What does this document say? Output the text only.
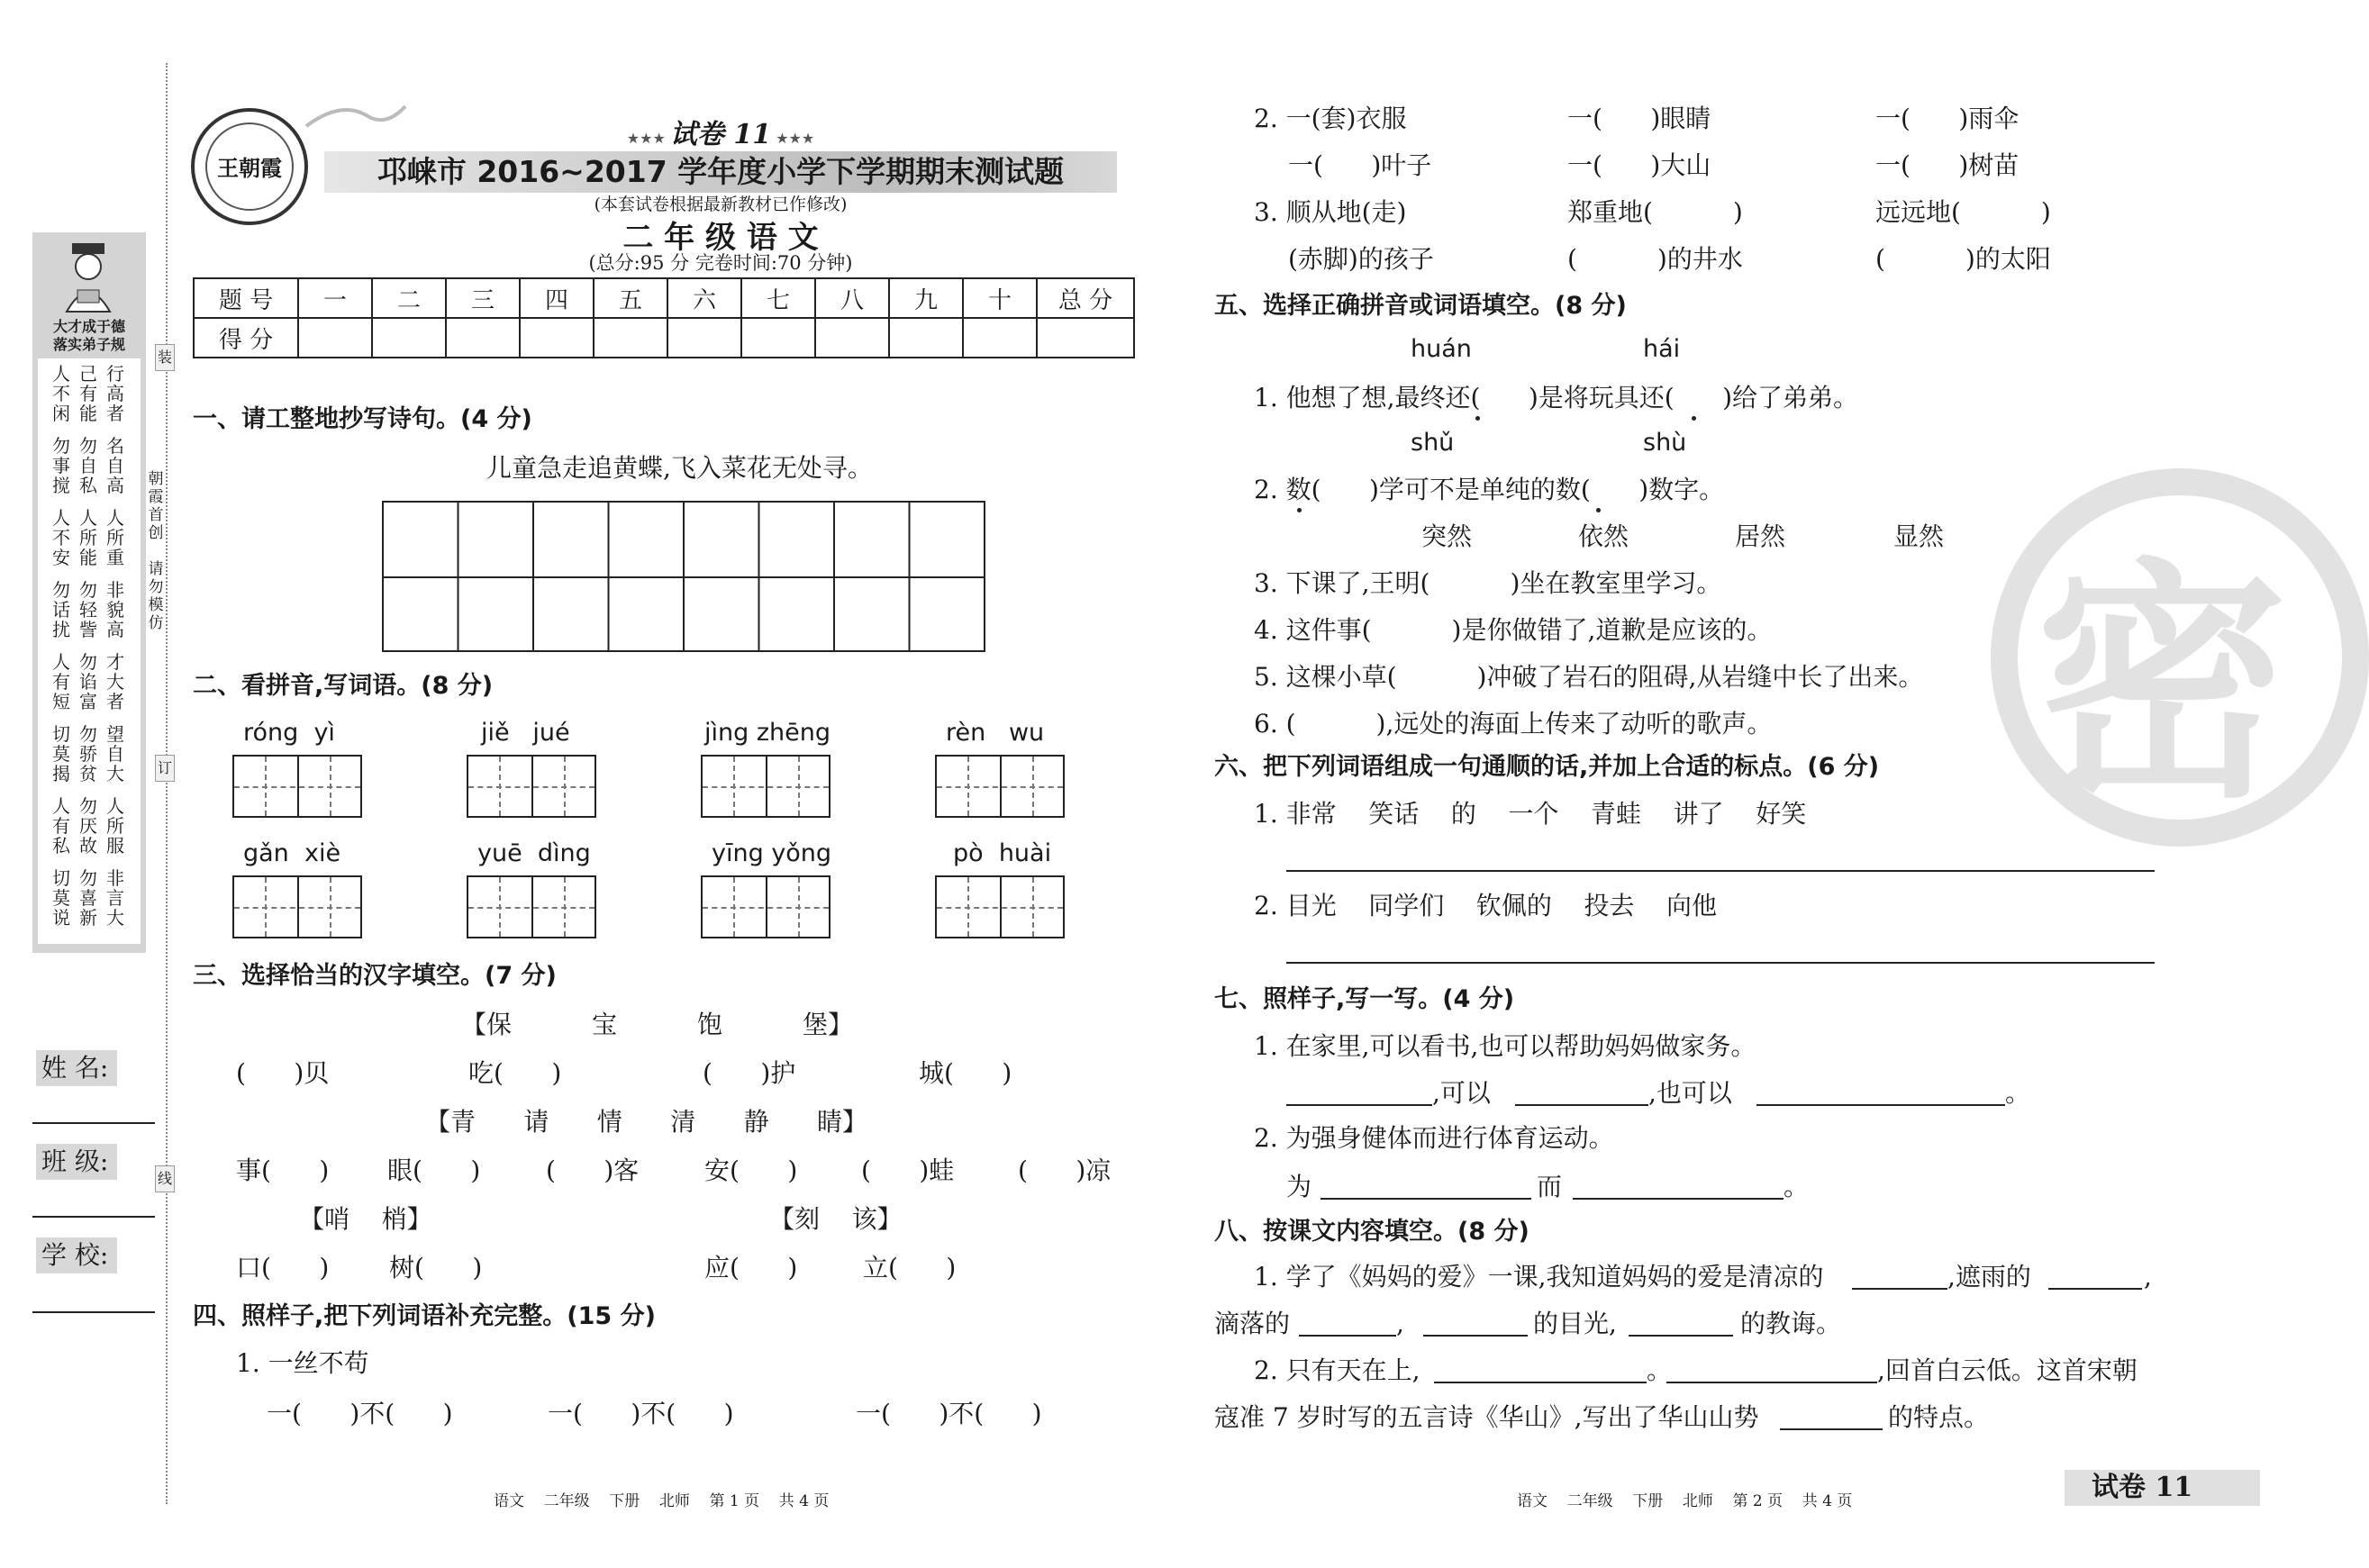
大才成于德
落实弟子规
人不闲
己有能
行高者
勿事搅
勿自私
名自高
人不安
人所能
人所重
勿话扰
勿轻訾
非貌高
人有短
勿谄富
才大者
切莫揭
勿骄贫
望自大
人有私
勿厌故
人所服
切莫说
勿喜新
非言大
朝霞首创
请勿模仿
装
订
线
姓 名:
班 级:
学 校:
王朝霞
★★★ 试卷 11 ★★★
邛崃市 2016~2017 学年度小学下学期期末测试题
(本套试卷根据最新教材已作修改)
二 年 级 语 文
(总分:95 分 完卷时间:70 分钟)
题 号	一	二	三	四	五	六	七	八	九	十	总 分
得 分											
一、请工整地抄写诗句。(4 分)
儿童急走追黄蝶,飞入菜花无处寻。
二、看拼音,写词语。(8 分)
róng  yì	jiě   jué	jìng zhēng	rèn   wu
gǎn  xiè	yuē  dìng	yīng yǒng	pò  huài
三、选择恰当的汉字填空。(7 分)
【保          宝          饱          堡】
(      )贝	吃(      )	(      )护	城(      )
【青      请      情      清      静      睛】
事(      ) 眼(      )	(      )客	安(      )	(      )蛙	(      )凉
【哨    梢】	【刻    该】
口(      ) 树(      )	应(      )	立(      )
四、照样子,把下列词语补充完整。(15 分)
1. 一丝不苟
一(      )不(      )	一(      )不(      )	一(      )不(      )
2. 一(套)衣服	一(      )眼睛	一(      )雨伞
一(      )叶子	一(      )大山	一(      )树苗
3. 顺从地(走)	郑重地(          )	远远地(          )
(赤脚)的孩子	(          )的井水	(          )的太阳
五、选择正确拼音或词语填空。(8 分)
huán	hái
1. 他想了想,最终还(      )是将玩具还(      )给了弟弟。
shǔ	shù
2. 数(      )学可不是单纯的数(      )数字。
突然	依然	居然	显然
3. 下课了,王明(          )坐在教室里学习。
4. 这件事(          )是你做错了,道歉是应该的。
5. 这棵小草(          )冲破了岩石的阻碍,从岩缝中长了出来。
6. (          ),远处的海面上传来了动听的歌声。
六、把下列词语组成一句通顺的话,并加上合适的标点。(6 分)
1. 非常    笑话    的    一个    青蛙    讲了    好笑
2. 目光    同学们    钦佩的    投去    向他
七、照样子,写一写。(4 分)
1. 在家里,可以看书,也可以帮助妈妈做家务。
,可以	,也可以	。
2. 为强身健体而进行体育运动。
为	而	。
八、按课文内容填空。(8 分)
1. 学了《妈妈的爱》一课,我知道妈妈的爱是清凉的	,遮雨的	,
滴落的	,	的目光,	的教诲。
2. 只有天在上,	。	,回首白云低。这首宋朝
寇准 7 岁时写的五言诗《华山》,写出了华山山势	的特点。
密
语文    二年级    下册    北师    第 1 页    共 4 页	语文    二年级    下册    北师    第 2 页    共 4 页	试卷 11
